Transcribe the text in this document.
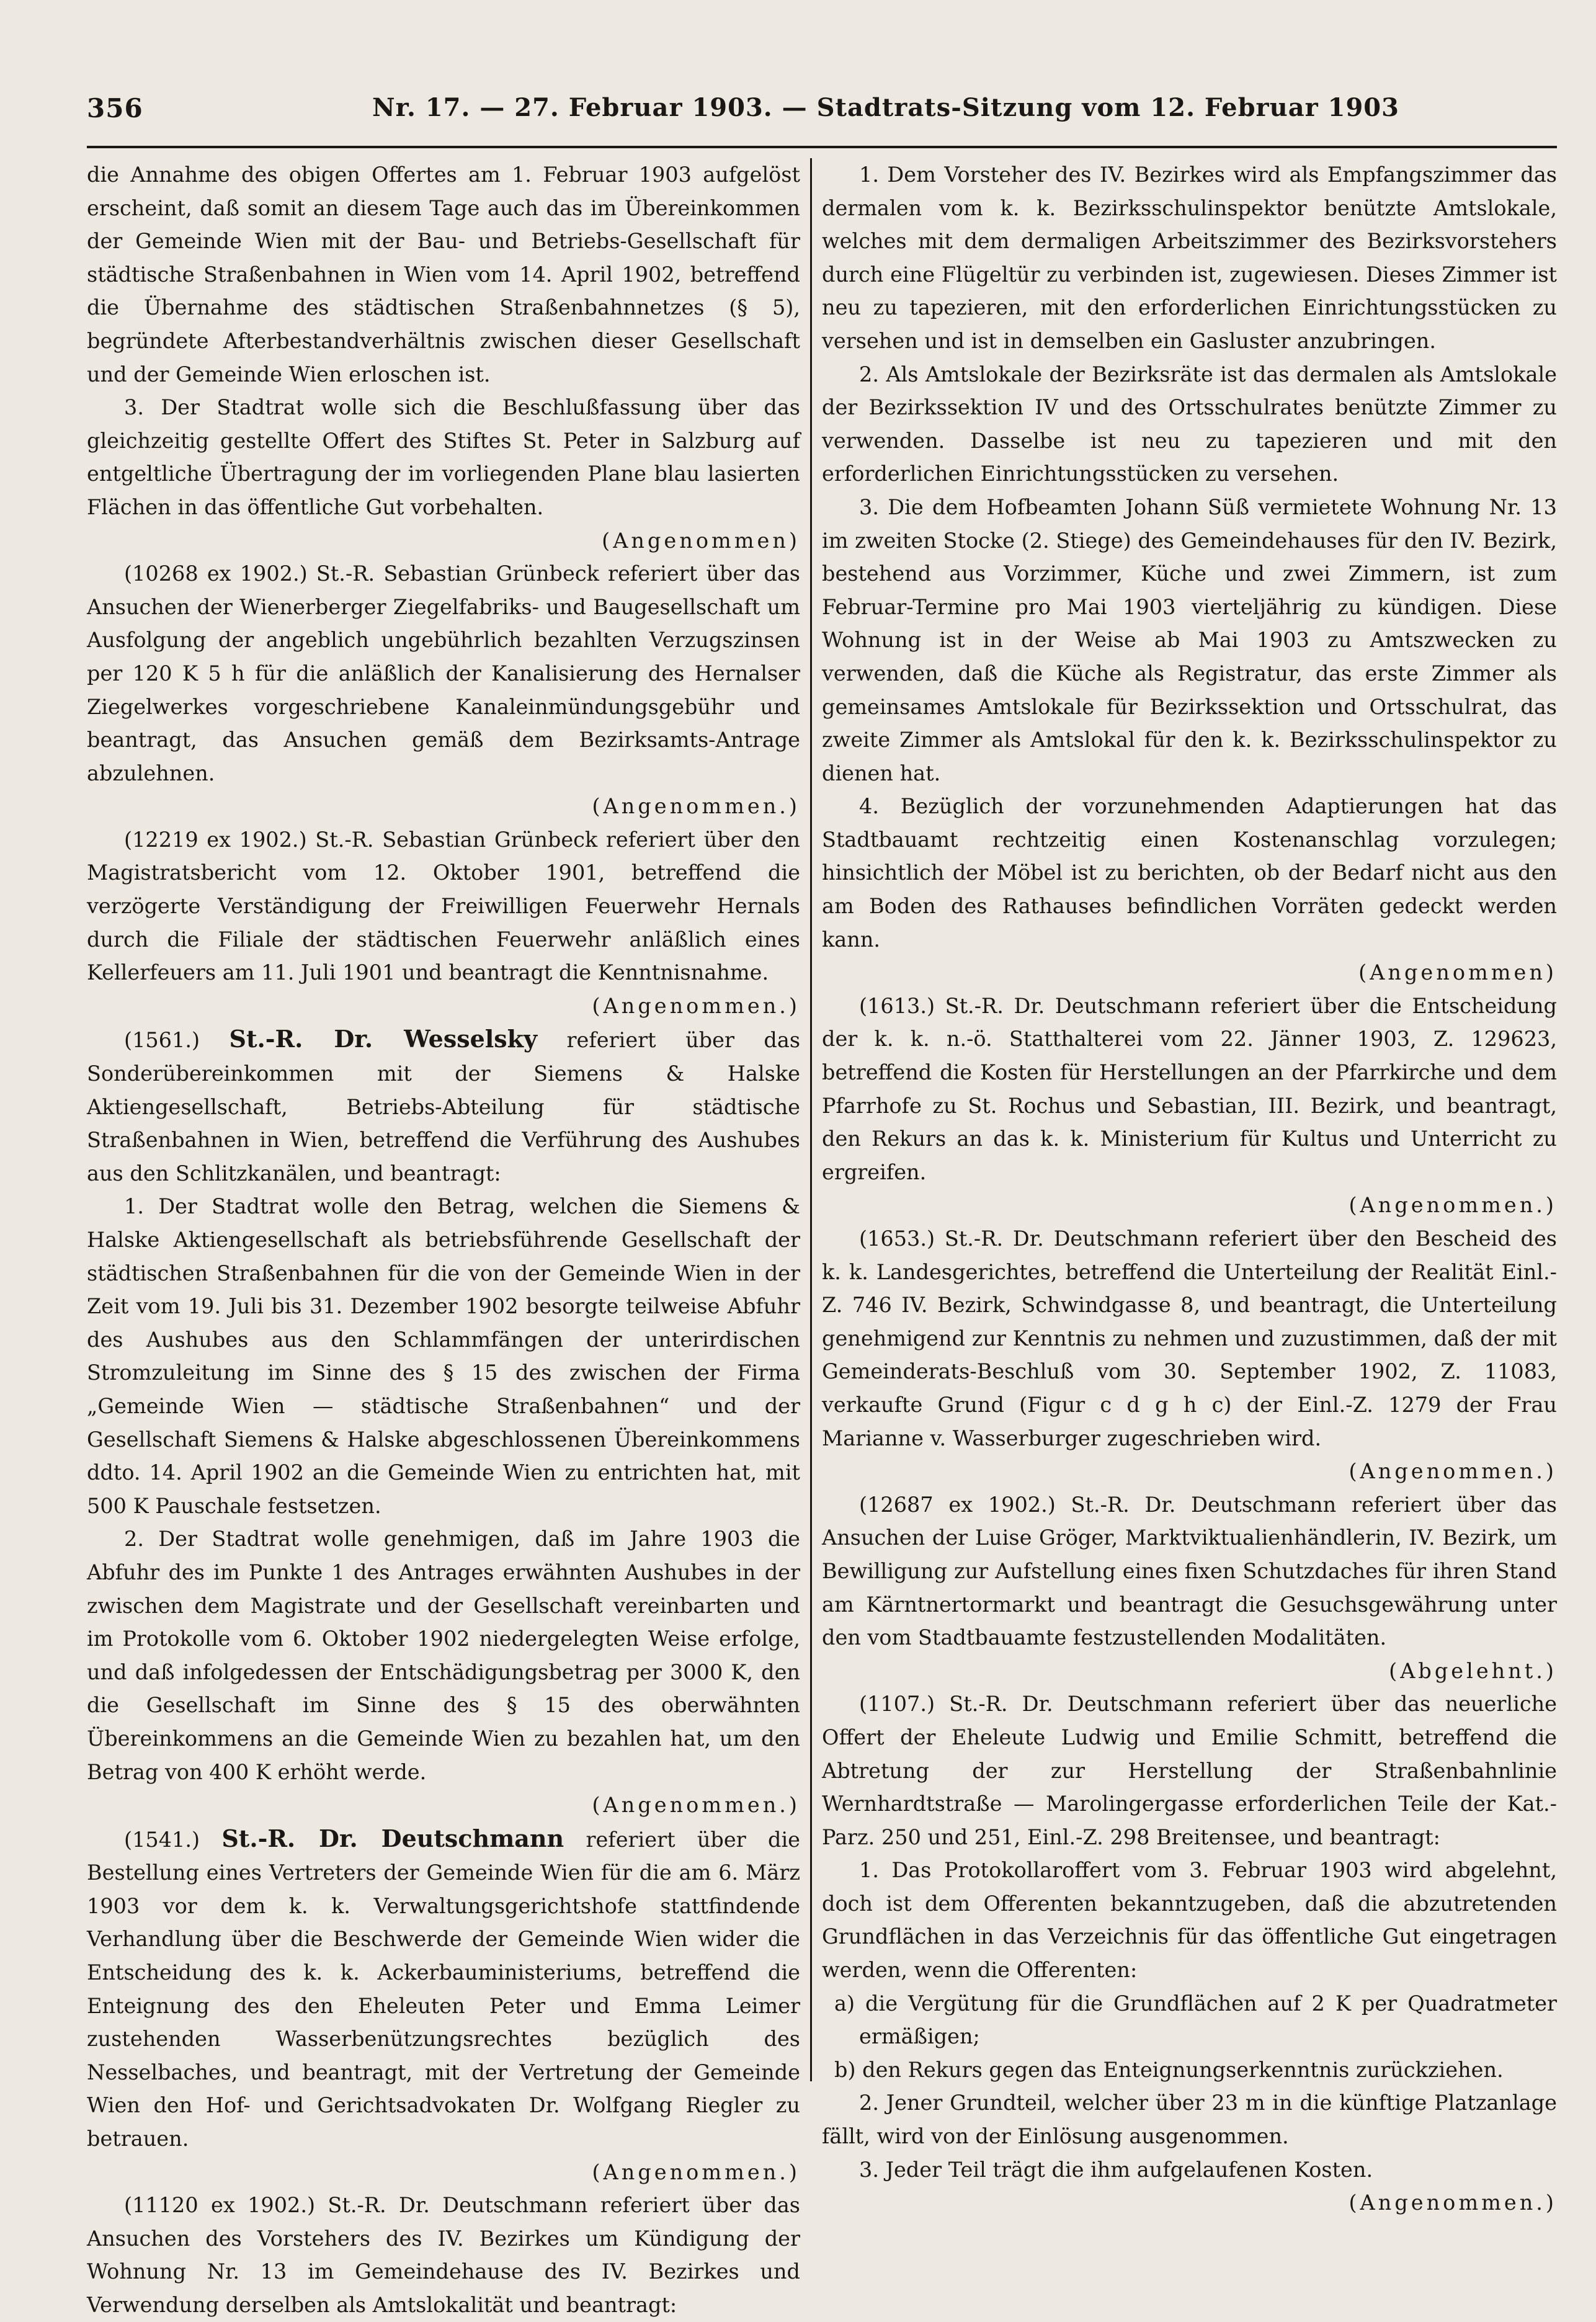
356	Nr. 17. — 27. Februar 1903. — Stadtrats-Sitzung vom 12. Februar 1903

die Annahme des obigen Offertes am 1. Februar 1903 aufgelöst erscheint, daß somit an diesem Tage auch das im Übereinkommen der Gemeinde Wien mit der Bau- und Betriebs-Gesellschaft für städtische Straßenbahnen in Wien vom 14. April 1902, betreffend die Übernahme des städtischen Straßenbahnnetzes (§ 5), begründete Afterbestandverhältnis zwischen dieser Gesellschaft und der Gemeinde Wien erloschen ist.

3. Der Stadtrat wolle sich die Beschlußfassung über das gleichzeitig gestellte Offert des Stiftes St. Peter in Salzburg auf entgeltliche Übertragung der im vorliegenden Plane blau lasierten Flächen in das öffentliche Gut vorbehalten.

(Angenommen)

(10268 ex 1902.) St.-R. Sebastian Grünbeck referiert über das Ansuchen der Wienerberger Ziegelfabriks- und Baugesellschaft um Ausfolgung der angeblich ungebührlich bezahlten Verzugszinsen per 120 K 5 h für die anläßlich der Kanalisierung des Hernalser Ziegelwerkes vorgeschriebene Kanaleinmündungsgebühr und beantragt, das Ansuchen gemäß dem Bezirksamts-Antrage abzulehnen.

(Angenommen.)

(12219 ex 1902.) St.-R. Sebastian Grünbeck referiert über den Magistratsbericht vom 12. Oktober 1901, betreffend die verzögerte Verständigung der Freiwilligen Feuerwehr Hernals durch die Filiale der städtischen Feuerwehr anläßlich eines Kellerfeuers am 11. Juli 1901 und beantragt die Kenntnisnahme.

(Angenommen.)

(1561.) St.-R. Dr. Wesselsky referiert über das Sonderübereinkommen mit der Siemens & Halske Aktiengesellschaft, Betriebs-Abteilung für städtische Straßenbahnen in Wien, betreffend die Verführung des Aushubes aus den Schlitzkanälen, und beantragt:

1. Der Stadtrat wolle den Betrag, welchen die Siemens & Halske Aktiengesellschaft als betriebsführende Gesellschaft der städtischen Straßenbahnen für die von der Gemeinde Wien in der Zeit vom 19. Juli bis 31. Dezember 1902 besorgte teilweise Abfuhr des Aushubes aus den Schlammfängen der unterirdischen Stromzuleitung im Sinne des § 15 des zwischen der Firma „Gemeinde Wien — städtische Straßenbahnen“ und der Gesellschaft Siemens & Halske abgeschlossenen Übereinkommens ddto. 14. April 1902 an die Gemeinde Wien zu entrichten hat, mit 500 K Pauschale festsetzen.

2. Der Stadtrat wolle genehmigen, daß im Jahre 1903 die Abfuhr des im Punkte 1 des Antrages erwähnten Aushubes in der zwischen dem Magistrate und der Gesellschaft vereinbarten und im Protokolle vom 6. Oktober 1902 niedergelegten Weise erfolge, und daß infolgedessen der Entschädigungsbetrag per 3000 K, den die Gesellschaft im Sinne des § 15 des oberwähnten Übereinkommens an die Gemeinde Wien zu bezahlen hat, um den Betrag von 400 K erhöht werde.

(Angenommen.)

(1541.) St.-R. Dr. Deutschmann referiert über die Bestellung eines Vertreters der Gemeinde Wien für die am 6. März 1903 vor dem k. k. Verwaltungsgerichtshofe stattfindende Verhandlung über die Beschwerde der Gemeinde Wien wider die Entscheidung des k. k. Ackerbauministeriums, betreffend die Enteignung des den Eheleuten Peter und Emma Leimer zustehenden Wasserbenützungsrechtes bezüglich des Nesselbaches, und beantragt, mit der Vertretung der Gemeinde Wien den Hof- und Gerichtsadvokaten Dr. Wolfgang Riegler zu betrauen.

(Angenommen.)

(11120 ex 1902.) St.-R. Dr. Deutschmann referiert über das Ansuchen des Vorstehers des IV. Bezirkes um Kündigung der Wohnung Nr. 13 im Gemeindehause des IV. Bezirkes und Verwendung derselben als Amtslokalität und beantragt:

1. Dem Vorsteher des IV. Bezirkes wird als Empfangszimmer das dermalen vom k. k. Bezirksschulinspektor benützte Amtslokale, welches mit dem dermaligen Arbeitszimmer des Bezirksvorstehers durch eine Flügeltür zu verbinden ist, zugewiesen. Dieses Zimmer ist neu zu tapezieren, mit den erforderlichen Einrichtungsstücken zu versehen und ist in demselben ein Gasluster anzubringen.

2. Als Amtslokale der Bezirksräte ist das dermalen als Amtslokale der Bezirkssektion IV und des Ortsschulrates benützte Zimmer zu verwenden. Dasselbe ist neu zu tapezieren und mit den erforderlichen Einrichtungsstücken zu versehen.

3. Die dem Hofbeamten Johann Süß vermietete Wohnung Nr. 13 im zweiten Stocke (2. Stiege) des Gemeindehauses für den IV. Bezirk, bestehend aus Vorzimmer, Küche und zwei Zimmern, ist zum Februar-Termine pro Mai 1903 vierteljährig zu kündigen. Diese Wohnung ist in der Weise ab Mai 1903 zu Amtszwecken zu verwenden, daß die Küche als Registratur, das erste Zimmer als gemeinsames Amtslokale für Bezirkssektion und Ortsschulrat, das zweite Zimmer als Amtslokal für den k. k. Bezirksschulinspektor zu dienen hat.

4. Bezüglich der vorzunehmenden Adaptierungen hat das Stadtbauamt rechtzeitig einen Kostenanschlag vorzulegen; hinsichtlich der Möbel ist zu berichten, ob der Bedarf nicht aus den am Boden des Rathauses befindlichen Vorräten gedeckt werden kann.

(Angenommen)

(1613.) St.-R. Dr. Deutschmann referiert über die Entscheidung der k. k. n.-ö. Statthalterei vom 22. Jänner 1903, Z. 129623, betreffend die Kosten für Herstellungen an der Pfarrkirche und dem Pfarrhofe zu St. Rochus und Sebastian, III. Bezirk, und beantragt, den Rekurs an das k. k. Ministerium für Kultus und Unterricht zu ergreifen.

(Angenommen.)

(1653.) St.-R. Dr. Deutschmann referiert über den Bescheid des k. k. Landesgerichtes, betreffend die Unterteilung der Realität Einl.-Z. 746 IV. Bezirk, Schwindgasse 8, und beantragt, die Unterteilung genehmigend zur Kenntnis zu nehmen und zuzustimmen, daß der mit Gemeinderats-Beschluß vom 30. September 1902, Z. 11083, verkaufte Grund (Figur c d g h c) der Einl.-Z. 1279 der Frau Marianne v. Wasserburger zugeschrieben wird.

(Angenommen.)

(12687 ex 1902.) St.-R. Dr. Deutschmann referiert über das Ansuchen der Luise Gröger, Marktviktualienhändlerin, IV. Bezirk, um Bewilligung zur Aufstellung eines fixen Schutzdaches für ihren Stand am Kärntnertormarkt und beantragt die Gesuchsgewährung unter den vom Stadtbauamte festzustellenden Modalitäten.

(Abgelehnt.)

(1107.) St.-R. Dr. Deutschmann referiert über das neuerliche Offert der Eheleute Ludwig und Emilie Schmitt, betreffend die Abtretung der zur Herstellung der Straßenbahnlinie Wernhardtstraße — Marolingergasse erforderlichen Teile der Kat.-Parz. 250 und 251, Einl.-Z. 298 Breitensee, und beantragt:

1. Das Protokollaroffert vom 3. Februar 1903 wird abgelehnt, doch ist dem Offerenten bekanntzugeben, daß die abzutretenden Grundflächen in das Verzeichnis für das öffentliche Gut eingetragen werden, wenn die Offerenten:

a) die Vergütung für die Grundflächen auf 2 K per Quadratmeter ermäßigen;

b) den Rekurs gegen das Enteignungserkenntnis zurückziehen.

2. Jener Grundteil, welcher über 23 m in die künftige Platzanlage fällt, wird von der Einlösung ausgenommen.

3. Jeder Teil trägt die ihm aufgelaufenen Kosten.

(Angenommen.)
